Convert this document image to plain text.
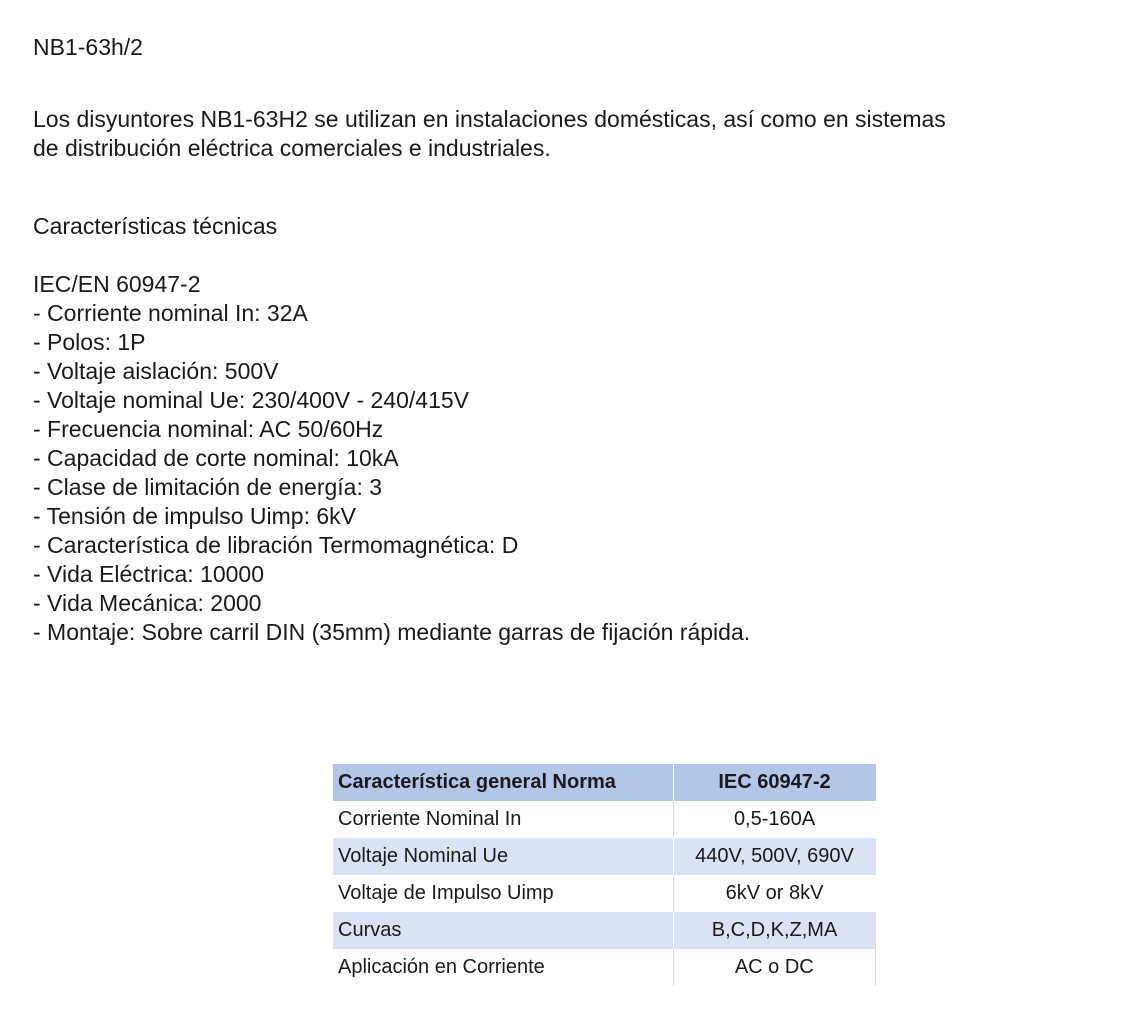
NB1-63h/2

Los disyuntores NB1-63H2 se utilizan en instalaciones domésticas, así como en sistemas

de distribución eléctrica comerciales e industriales.

Características técnicas

IEC/EN 60947-2
- Corriente nominal In: 32A
- Polos: 1P
- Voltaje aislación: 500V
- Voltaje nominal Ue: 230/400V - 240/415V
- Frecuencia nominal: AC 50/60Hz
- Capacidad de corte nominal: 10kA
- Clase de limitación de energía: 3
- Tensión de impulso Uimp: 6kV
- Característica de libración Termomagnética: D
- Vida Eléctrica: 10000
- Vida Mecánica: 2000
- Montaje: Sobre carril DIN (35mm) mediante garras de fijación rápida.
Característica general Norma	IEC 60947-2
Corriente Nominal In	0,5-160A
Voltaje Nominal Ue	440V, 500V, 690V
Voltaje de Impulso Uimp	6kV or 8kV
Curvas	B,C,D,K,Z,MA
Aplicación en Corriente	AC o DC
